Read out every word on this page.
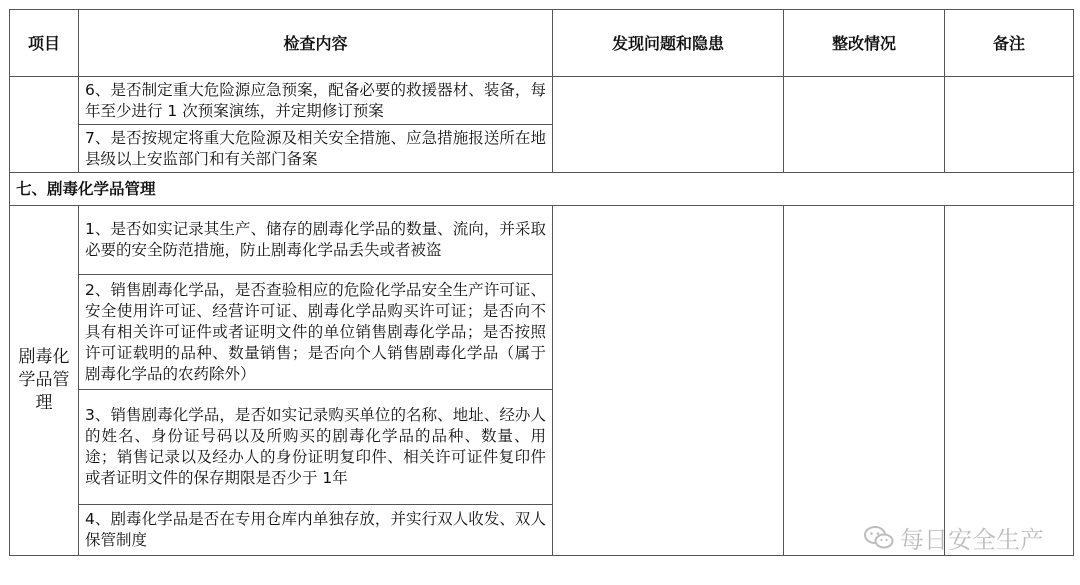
项目	检查内容	发现问题和隐患	整改情况	备注
	6、是否制定重大危险源应急预案，配备必要的救援器材、装备，每年至少进行 1 次预案演练，并定期修订预案			
	7、是否按规定将重大危险源及相关安全措施、应急措施报送所在地县级以上安监部门和有关部门备案			
七、剧毒化学品管理				
剧毒化学品管理	1、是否如实记录其生产、储存的剧毒化学品的数量、流向，并采取必要的安全防范措施，防止剧毒化学品丢失或者被盗			
	2、销售剧毒化学品，是否查验相应的危险化学品安全生产许可证、安全使用许可证、经营许可证、剧毒化学品购买许可证；是否向不具有相关许可证件或者证明文件的单位销售剧毒化学品；是否按照许可证载明的品种、数量销售；是否向个人销售剧毒化学品（属于剧毒化学品的农药除外）			
	3、销售剧毒化学品，是否如实记录购买单位的名称、地址、经办人的姓名、身份证号码以及所购买的剧毒化学品的品种、数量、用途；销售记录以及经办人的身份证明复印件、相关许可证件复印件或者证明文件的保存期限是否少于 1年			
	4、剧毒化学品是否在专用仓库内单独存放，并实行双人收发、双人保管制度				每日安全生产
